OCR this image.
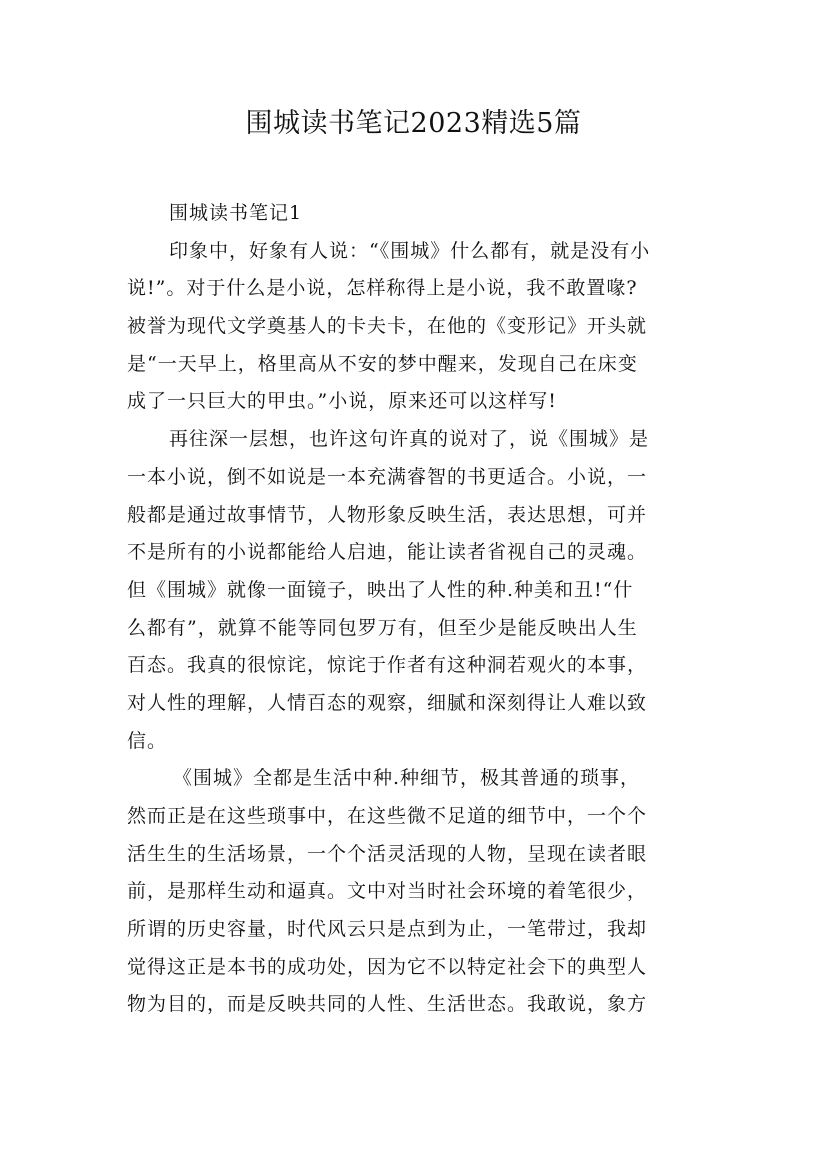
围城读书笔记2023精选5篇
围城读书笔记1
印象中，好象有人说：“《围城》什么都有，就是没有小
说!”。对于什么是小说，怎样称得上是小说，我不敢置喙?
被誉为现代文学奠基人的卡夫卡，在他的《变形记》开头就
是“一天早上，格里高从不安的梦中醒来，发现自己在床变
成了一只巨大的甲虫。”小说，原来还可以这样写!
再往深一层想，也许这句许真的说对了，说《围城》是
一本小说，倒不如说是一本充满睿智的书更适合。小说，一
般都是通过故事情节，人物形象反映生活，表达思想，可并
不是所有的小说都能给人启迪，能让读者省视自己的灵魂。
但《围城》就像一面镜子，映出了人性的种.种美和丑!“什
么都有”，就算不能等同包罗万有，但至少是能反映出人生
百态。我真的很惊诧，惊诧于作者有这种洞若观火的本事，
对人性的理解，人情百态的观察，细腻和深刻得让人难以致
信。
《围城》全都是生活中种.种细节，极其普通的琐事，
然而正是在这些琐事中，在这些微不足道的细节中，一个个
活生生的生活场景，一个个活灵活现的人物，呈现在读者眼
前，是那样生动和逼真。文中对当时社会环境的着笔很少，
所谓的历史容量，时代风云只是点到为止，一笔带过，我却
觉得这正是本书的成功处，因为它不以特定社会下的典型人
物为目的，而是反映共同的人性、生活世态。我敢说，象方
